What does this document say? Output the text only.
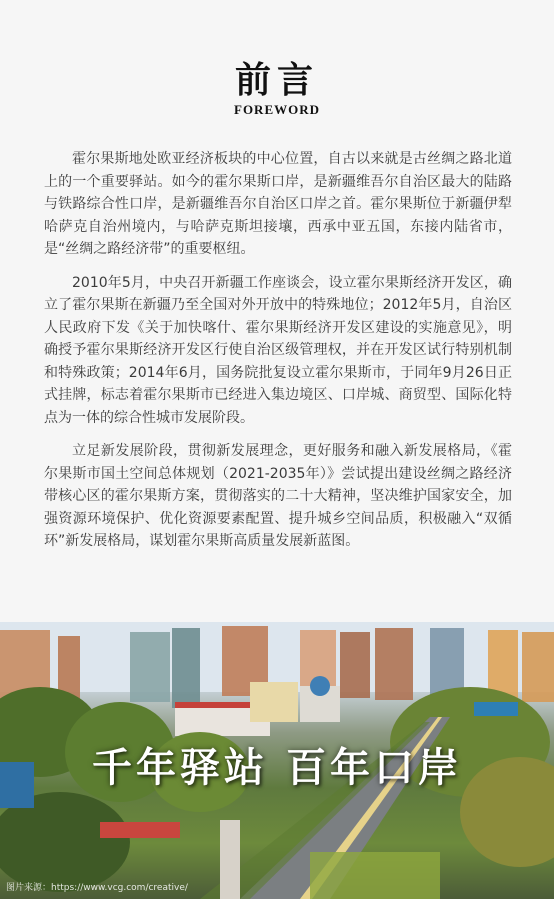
前言
FOREWORD

霍尔果斯地处欧亚经济板块的中心位置，自古以来就是古丝绸之路北道上的一个重要驿站。如今的霍尔果斯口岸，是新疆维吾尔自治区最大的陆路与铁路综合性口岸，是新疆维吾尔自治区口岸之首。霍尔果斯位于新疆伊犁哈萨克自治州境内，与哈萨克斯坦接壤，西承中亚五国，东接内陆省市，是“丝绸之路经济带”的重要枢纽。

2010年5月，中央召开新疆工作座谈会，设立霍尔果斯经济开发区，确立了霍尔果斯在新疆乃至全国对外开放中的特殊地位；2012年5月，自治区人民政府下发《关于加快喀什、霍尔果斯经济开发区建设的实施意见》，明确授予霍尔果斯经济开发区行使自治区级管理权，并在开发区试行特别机制和特殊政策；2014年6月，国务院批复设立霍尔果斯市，于同年9月26日正式挂牌，标志着霍尔果斯市已经进入集边境区、口岸城、商贸型、国际化特点为一体的综合性城市发展阶段。

立足新发展阶段，贯彻新发展理念，更好服务和融入新发展格局，《霍尔果斯市国土空间总体规划（2021-2035年）》尝试提出建设丝绸之路经济带核心区的霍尔果斯方案，贯彻落实的二十大精神，坚决维护国家安全，加强资源环境保护、优化资源要素配置、提升城乡空间品质，积极融入“双循环”新发展格局，谋划霍尔果斯高质量发展新蓝图。

千年驿站 百年口岸
图片来源：https://www.vcg.com/creative/
